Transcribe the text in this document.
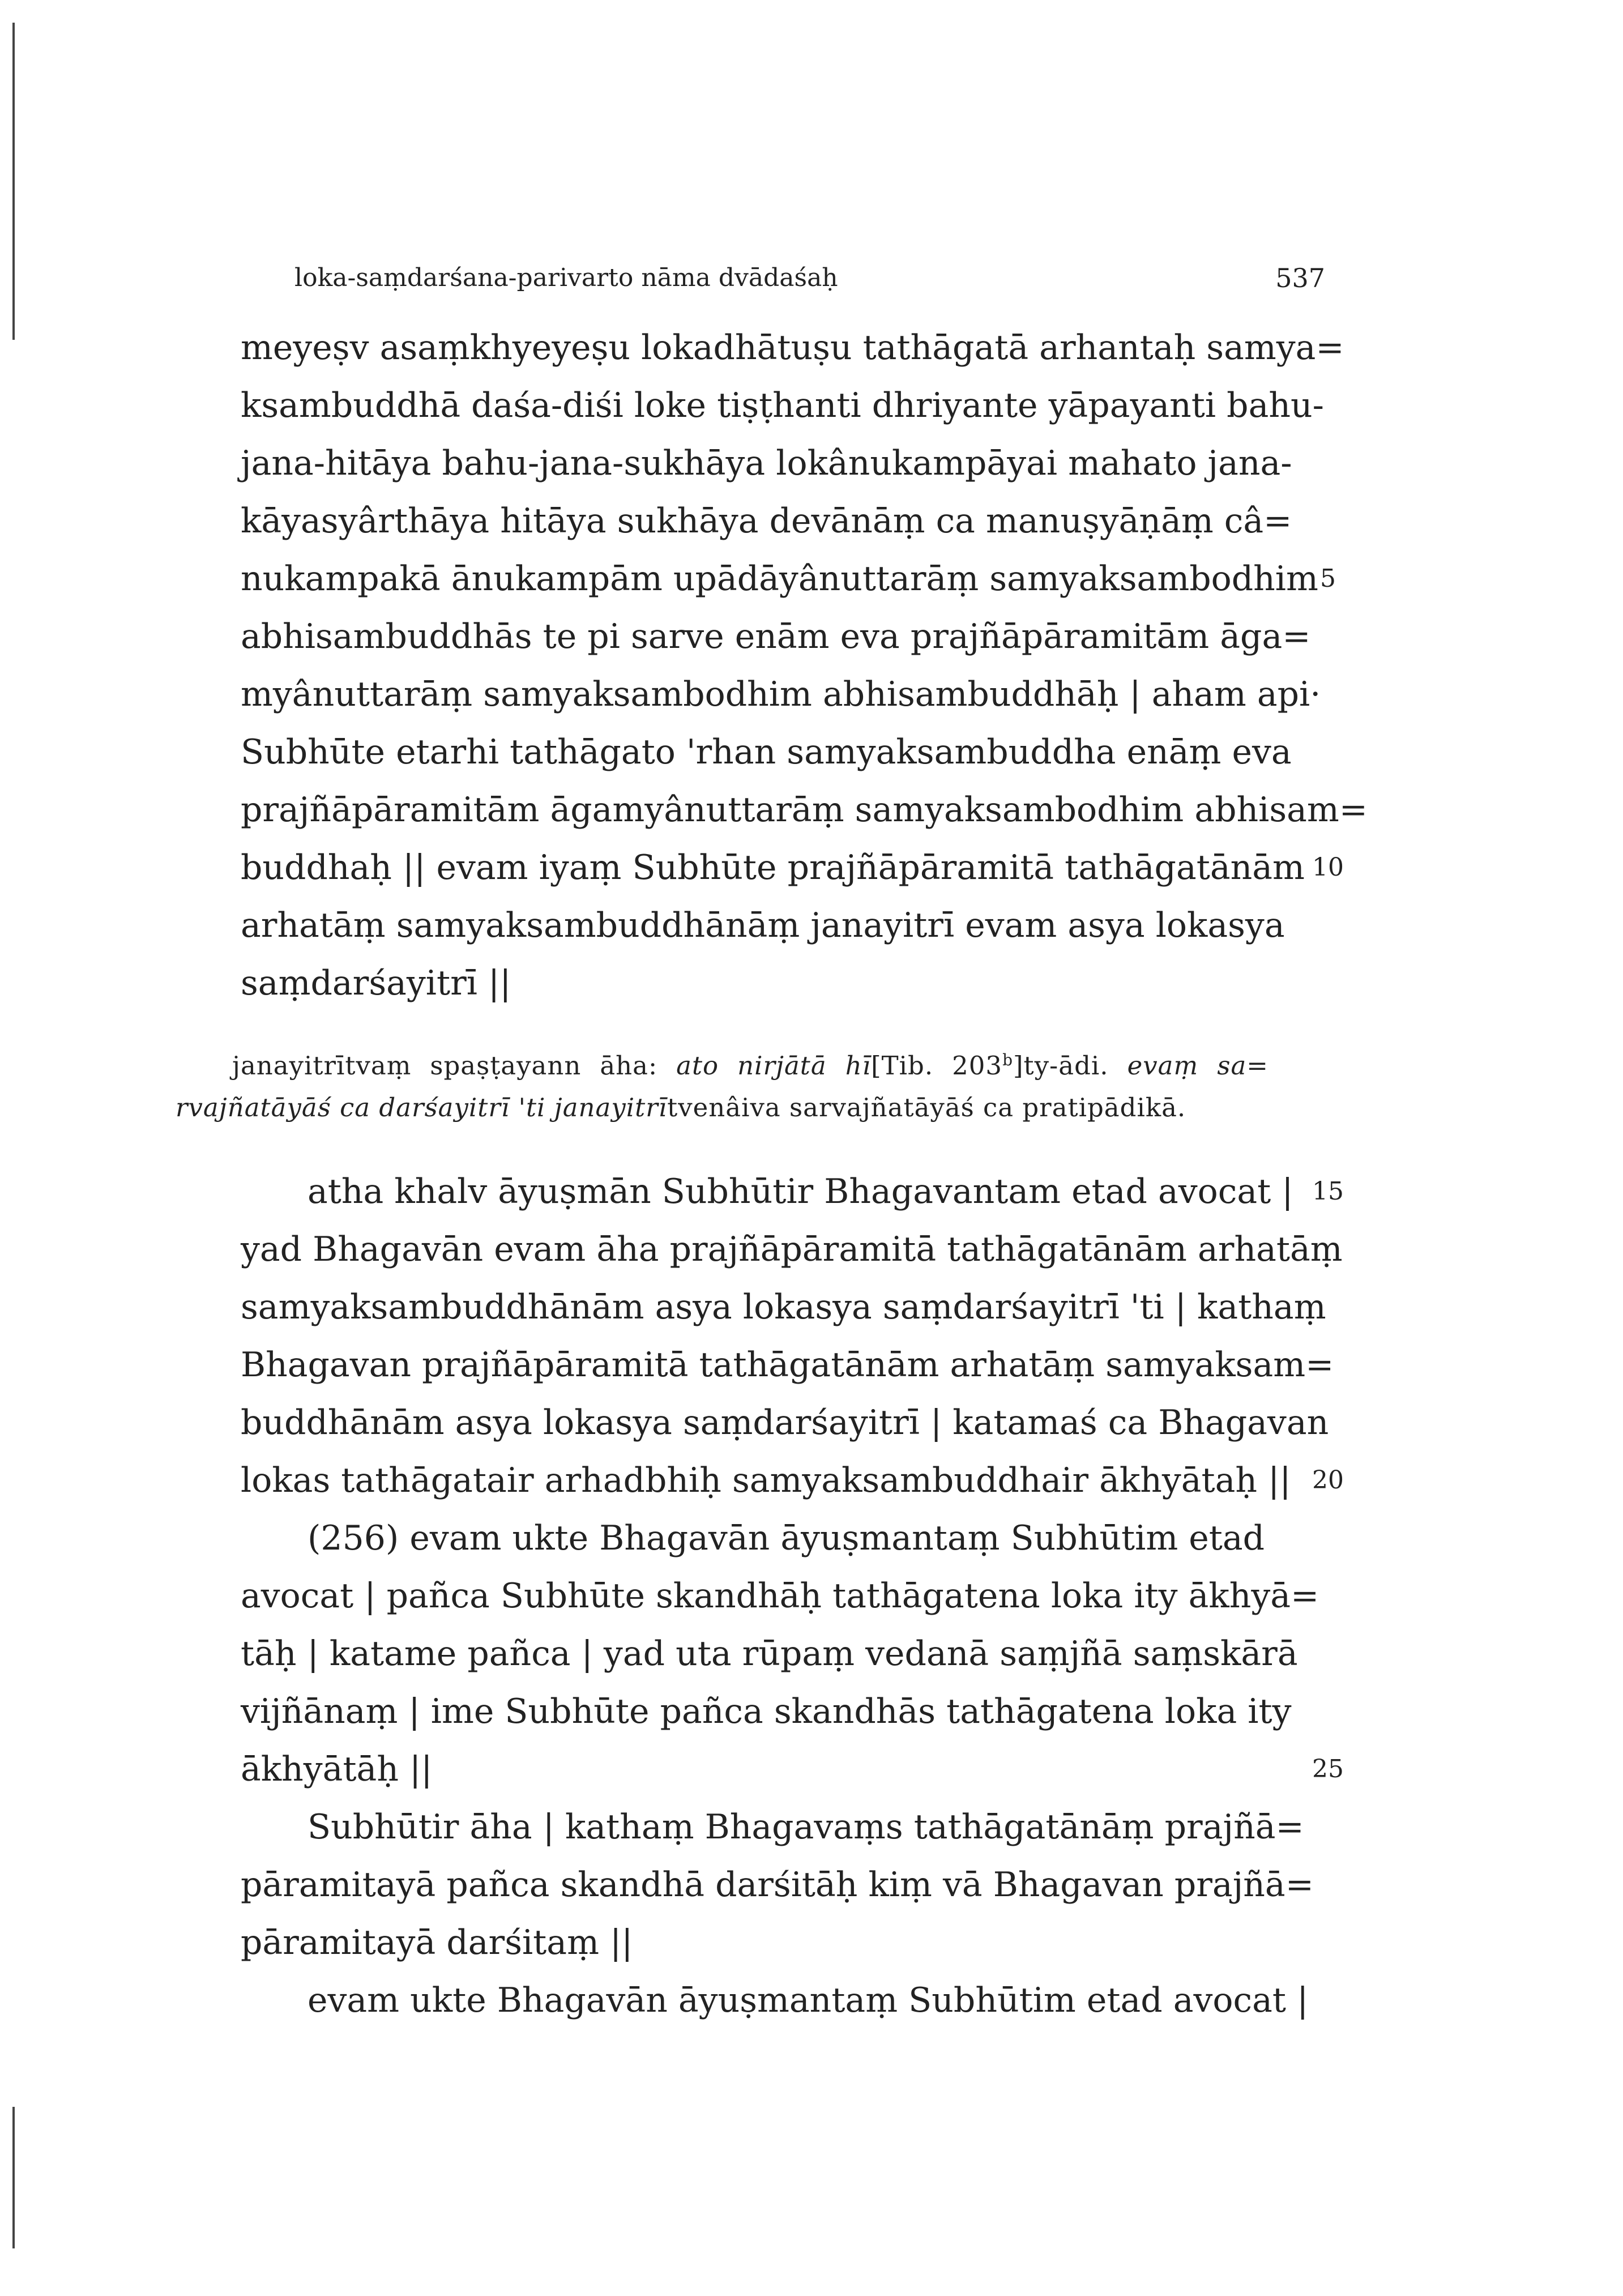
loka-saṃdarśana-parivarto nāma dvādaśaḥ	537
meyeṣv asaṃkhyeyeṣu lokadhātuṣu tathāgatā arhantaḥ samya=
ksambuddhā daśa-diśi loke tiṣṭhanti dhriyante yāpayanti bahu-
jana-hitāya bahu-jana-sukhāya lokânukampāyai mahato jana-
kāyasyârthāya hitāya sukhāya devānāṃ ca manuṣyāṇāṃ câ=
nukampakā ānukampām upādāyânuttarāṃ samyaksambodhim 5
abhisambuddhās te pi sarve enām eva prajñāpāramitām āga=
myânuttarāṃ samyaksambodhim abhisambuddhāḥ | aham api·
Subhūte etarhi tathāgato 'rhan samyaksambuddha enāṃ eva
prajñāpāramitām āgamyânuttarāṃ samyaksambodhim abhisam=
buddhaḥ || evam iyaṃ Subhūte prajñāpāramitā tathāgatānām 10
arhatāṃ samyaksambuddhānāṃ janayitrī evam asya lokasya
saṃdarśayitrī ||
janayitrītvaṃ spaṣṭayann āha: ato nirjātā hī[Tib. 203$^b$]ty-ādi. evaṃ sa=
rvajñatāyāś ca darśayitrī 'ti janayitrītvenâiva sarvajñatāyāś ca pratipādikā.
atha khalv āyuṣmān Subhūtir Bhagavantam etad avocat | 15
yad Bhagavān evam āha prajñāpāramitā tathāgatānām arhatāṃ
samyaksambuddhānām asya lokasya saṃdarśayitrī 'ti | kathaṃ
Bhagavan prajñāpāramitā tathāgatānām arhatāṃ samyaksam=
buddhānām asya lokasya saṃdarśayitrī | katamaś ca Bhagavan
lokas tathāgatair arhadbhiḥ samyaksambuddhair ākhyātaḥ || 20
(256) evam ukte Bhagavān āyuṣmantaṃ Subhūtim etad
avocat | pañca Subhūte skandhāḥ tathāgatena loka ity ākhyā=
tāḥ | katame pañca | yad uta rūpaṃ vedanā saṃjñā saṃskārā
vijñānaṃ | ime Subhūte pañca skandhās tathāgatena loka ity
ākhyātāḥ ||	25
Subhūtir āha | kathaṃ Bhagavaṃs tathāgatānāṃ prajñā=
pāramitayā pañca skandhā darśitāḥ kiṃ vā Bhagavan prajñā=
pāramitayā darśitaṃ ||
evam ukte Bhagavān āyuṣmantaṃ Subhūtim etad avocat |
